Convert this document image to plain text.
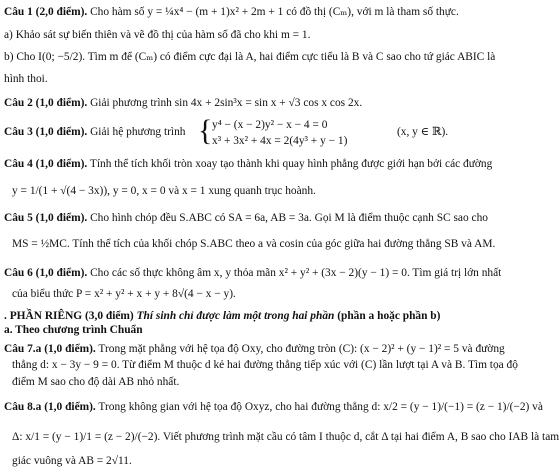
Câu 1 (2,0 điểm). Cho hàm số y = ¼x⁴ − (m + 1)x² + 2m + 1 có đồ thị (Cₘ), với m là tham số thực.
a) Khảo sát sự biến thiên và vẽ đồ thị của hàm số đã cho khi m = 1.
b) Cho I(0; −5/2). Tìm m để (Cₘ) có điểm cực đại là A, hai điểm cực tiểu là B và C sao cho tứ giác ABIC là
hình thoi.
Câu 2 (1,0 điểm). Giải phương trình sin 4x + 2sin³x = sin x + √3 cos x cos 2x.
Câu 3 (1,0 điểm). Giải hệ phương trình { y⁴ − (x − 2)y² − x − 4 = 0
x³ + 3x² + 4x = 2(4y³ + y − 1)
(x, y ∈ ℝ).
Câu 4 (1,0 điểm). Tính thể tích khối tròn xoay tạo thành khi quay hình phẳng được giới hạn bởi các đường
y = 1/(1 + √(4 − 3x)), y = 0, x = 0 và x = 1 xung quanh trục hoành.
Câu 5 (1,0 điểm). Cho hình chóp đều S.ABC có SA = 6a, AB = 3a. Gọi M là điểm thuộc cạnh SC sao cho
MS = ½MC. Tính thể tích của khối chóp S.ABC theo a và cosin của góc giữa hai đường thẳng SB và AM.
Câu 6 (1,0 điểm). Cho các số thực không âm x, y thỏa mãn x² + y² + (3x − 2)(y − 1) = 0. Tìm giá trị lớn nhất
của biểu thức P = x² + y² + x + y + 8√(4 − x − y).
. PHẦN RIÊNG (3,0 điểm) Thí sinh chỉ được làm một trong hai phần (phần a hoặc phần b)
a. Theo chương trình Chuẩn
Câu 7.a (1,0 điểm). Trong mặt phẳng với hệ tọa độ Oxy, cho đường tròn (C): (x − 2)² + (y − 1)² = 5 và đường
thẳng d: x − 3y − 9 = 0. Từ điểm M thuộc d kẻ hai đường thẳng tiếp xúc với (C) lần lượt tại A và B. Tìm tọa độ
điểm M sao cho độ dài AB nhỏ nhất.
Câu 8.a (1,0 điểm). Trong không gian với hệ tọa độ Oxyz, cho hai đường thẳng d: x/2 = (y − 1)/(−1) = (z − 1)/(−2) và
Δ: x/1 = (y − 1)/1 = (z − 2)/(−2). Viết phương trình mặt cầu có tâm I thuộc d, cắt Δ tại hai điểm A, B sao cho IAB là tam
giác vuông và AB = 2√11.
